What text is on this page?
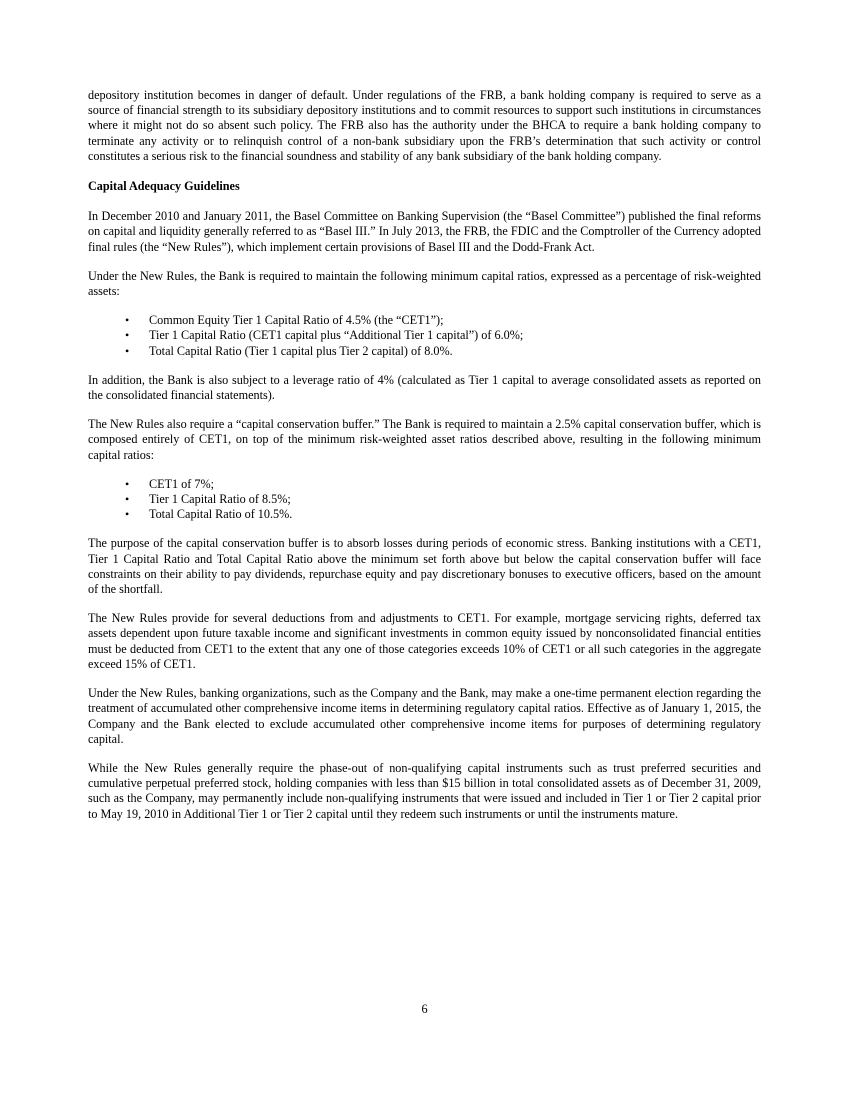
depository institution becomes in danger of default. Under regulations of the FRB, a bank holding company is required to serve as a source of financial strength to its subsidiary depository institutions and to commit resources to support such institutions in circumstances where it might not do so absent such policy. The FRB also has the authority under the BHCA to require a bank holding company to terminate any activity or to relinquish control of a non-bank subsidiary upon the FRB’s determination that such activity or control constitutes a serious risk to the financial soundness and stability of any bank subsidiary of the bank holding company.

Capital Adequacy Guidelines

In December 2010 and January 2011, the Basel Committee on Banking Supervision (the “Basel Committee”) published the final reforms on capital and liquidity generally referred to as “Basel III.” In July 2013, the FRB, the FDIC and the Comptroller of the Currency adopted final rules (the “New Rules”), which implement certain provisions of Basel III and the Dodd-Frank Act.

Under the New Rules, the Bank is required to maintain the following minimum capital ratios, expressed as a percentage of risk-weighted assets:

• Common Equity Tier 1 Capital Ratio of 4.5% (the “CET1”);
• Tier 1 Capital Ratio (CET1 capital plus “Additional Tier 1 capital”) of 6.0%;
• Total Capital Ratio (Tier 1 capital plus Tier 2 capital) of 8.0%.

In addition, the Bank is also subject to a leverage ratio of 4% (calculated as Tier 1 capital to average consolidated assets as reported on the consolidated financial statements).

The New Rules also require a “capital conservation buffer.” The Bank is required to maintain a 2.5% capital conservation buffer, which is composed entirely of CET1, on top of the minimum risk-weighted asset ratios described above, resulting in the following minimum capital ratios:

• CET1 of 7%;
• Tier 1 Capital Ratio of 8.5%;
• Total Capital Ratio of 10.5%.

The purpose of the capital conservation buffer is to absorb losses during periods of economic stress. Banking institutions with a CET1, Tier 1 Capital Ratio and Total Capital Ratio above the minimum set forth above but below the capital conservation buffer will face constraints on their ability to pay dividends, repurchase equity and pay discretionary bonuses to executive officers, based on the amount of the shortfall.

The New Rules provide for several deductions from and adjustments to CET1. For example, mortgage servicing rights, deferred tax assets dependent upon future taxable income and significant investments in common equity issued by nonconsolidated financial entities must be deducted from CET1 to the extent that any one of those categories exceeds 10% of CET1 or all such categories in the aggregate exceed 15% of CET1.

Under the New Rules, banking organizations, such as the Company and the Bank, may make a one-time permanent election regarding the treatment of accumulated other comprehensive income items in determining regulatory capital ratios. Effective as of January 1, 2015, the Company and the Bank elected to exclude accumulated other comprehensive income items for purposes of determining regulatory capital.

While the New Rules generally require the phase-out of non-qualifying capital instruments such as trust preferred securities and cumulative perpetual preferred stock, holding companies with less than $15 billion in total consolidated assets as of December 31, 2009, such as the Company, may permanently include non-qualifying instruments that were issued and included in Tier 1 or Tier 2 capital prior to May 19, 2010 in Additional Tier 1 or Tier 2 capital until they redeem such instruments or until the instruments mature.

6
